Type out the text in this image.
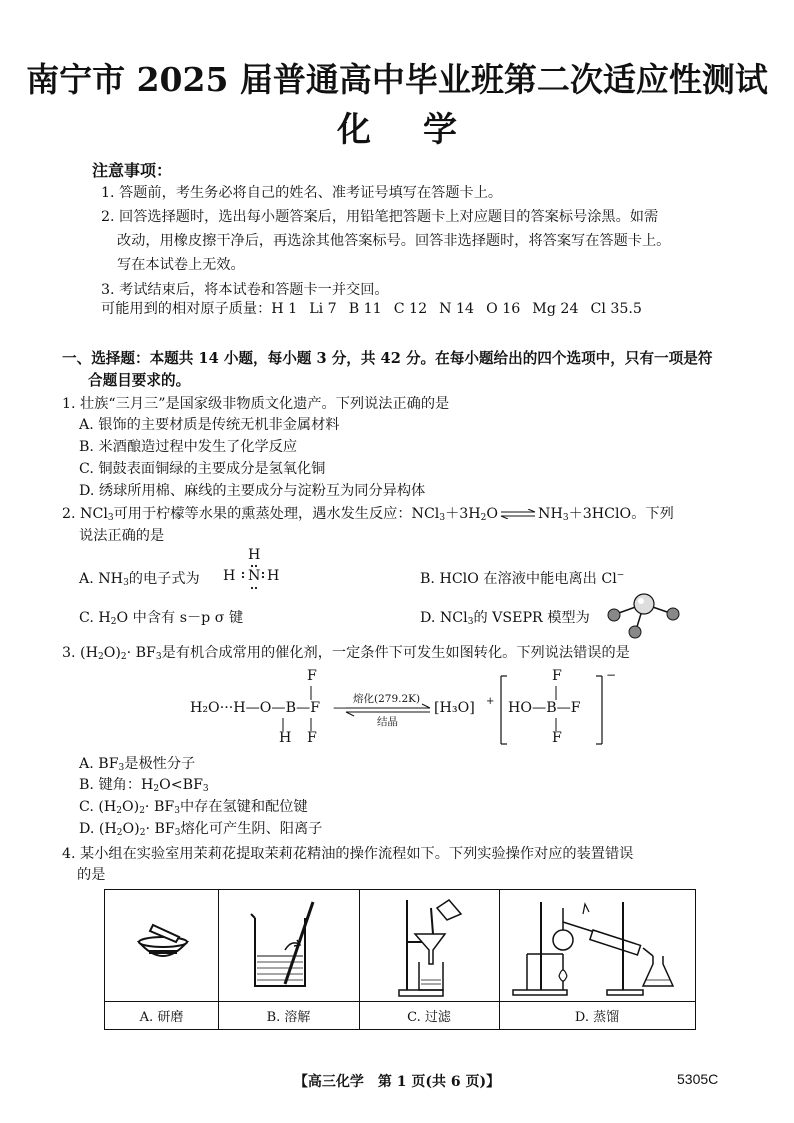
南宁市 2025 届普通高中毕业班第二次适应性测试
化 学
注意事项：
1. 答题前，考生务必将自己的姓名、准考证号填写在答题卡上。
2. 回答选择题时，选出每小题答案后，用铅笔把答题卡上对应题目的答案标号涂黑。如需
改动，用橡皮擦干净后，再选涂其他答案标号。回答非选择题时，将答案写在答题卡上。
写在本试卷上无效。
3. 考试结束后，将本试卷和答题卡一并交回。
可能用到的相对原子质量：H 1 Li 7 B 11 C 12 N 14 O 16 Mg 24 Cl 35.5
一、选择题：本题共 14 小题，每小题 3 分，共 42 分。在每小题给出的四个选项中，只有一项是符
合题目要求的。
1. 壮族“三月三”是国家级非物质文化遗产。下列说法正确的是
A. 银饰的主要材质是传统无机非金属材料
B. 米酒酿造过程中发生了化学反应
C. 铜鼓表面铜绿的主要成分是氢氧化铜
D. 绣球所用棉、麻线的主要成分与淀粉互为同分异构体
2. NCl$_3$可用于柠檬等水果的熏蒸处理，遇水发生反应：$NCl_3+3H_2O$ ⇌ $NH_3+3HClO$。下列
说法正确的是
A. $NH_3$的电子式为
H
H N H	B. HClO 在溶液中能电离出 Cl−
C. $H_2O$ 中含有 s－p σ 键	D. NCl$_3$的 VSEPR 模型为
3. $(H_2O)_2\cdot BF_3$是有机合成常用的催化剂，一定条件下可发生如图转化。下列说法错误的是
F
H₂O···H—O—B—F —
H F
熔化(279.2K)
结晶
[H₃O] +
F
HO—B—F
F
−
A. $BF_3$是极性分子
B. 键角：$H_2O<BF_3$
C. $(H_2O)_2\cdot BF_3$中存在氢键和配位键
D. $(H_2O)_2\cdot BF_3$熔化可产生阴、阳离子
4. 某小组在实验室用茉莉花提取茉莉花精油的操作流程如下。下列实验操作对应的装置错误
的是
A. 研磨	B. 溶解	C. 过滤	D. 蒸馏
【高三化学　第 1 页(共 6 页)】	5305C
